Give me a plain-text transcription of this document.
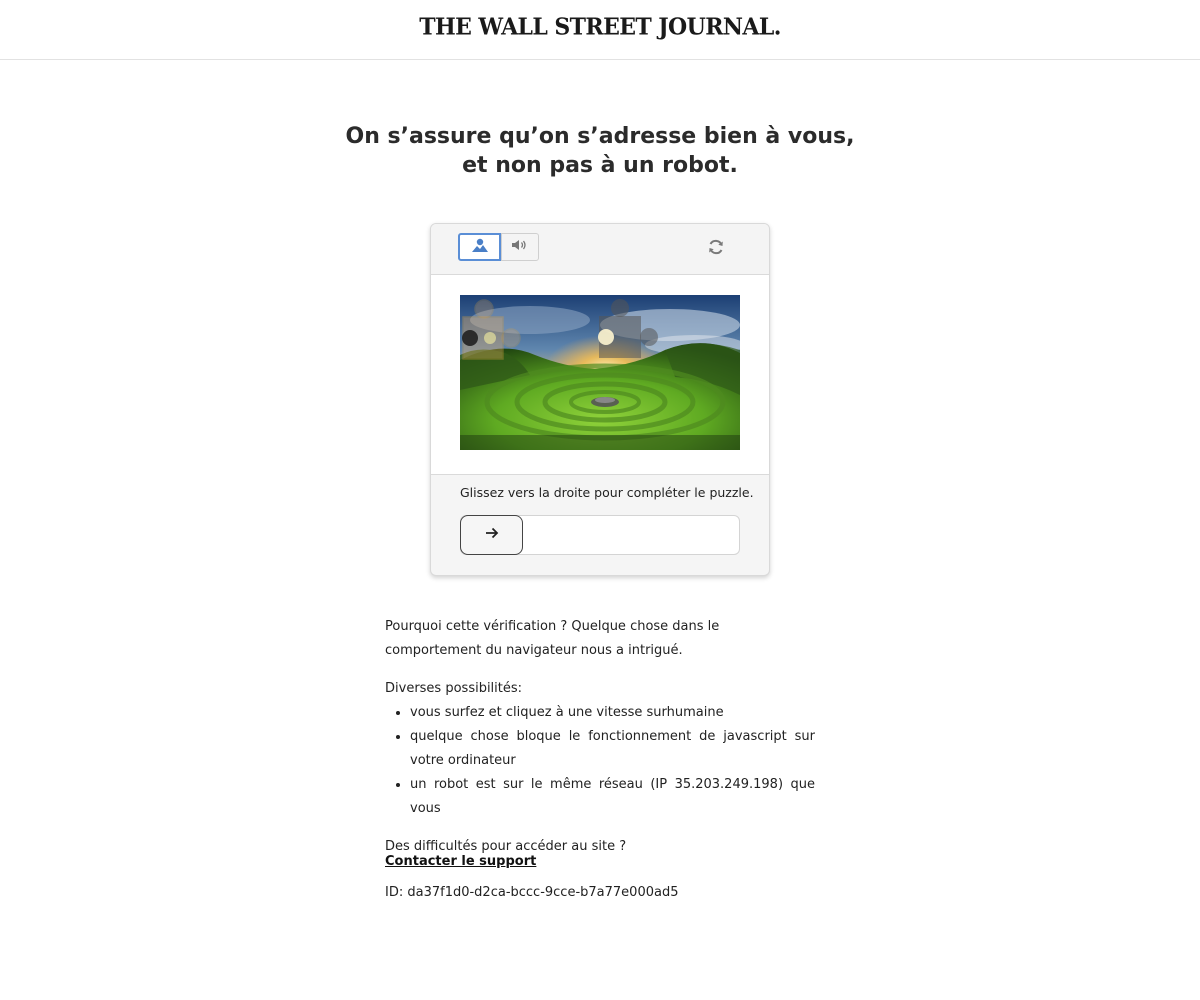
THE WALL STREET JOURNAL.
On s’assure qu’on s’adresse bien à vous,
et non pas à un robot.
Glissez vers la droite pour compléter le puzzle.

Pourquoi cette vérification ? Quelque chose dans le comportement du navigateur nous a intrigué.

Diverses possibilités:

• vous surfez et cliquez à une vitesse surhumaine
• quelque chose bloque le fonctionnement de javascript sur votre ordinateur
• un robot est sur le même réseau (IP 35.203.249.198) que vous

Des difficultés pour accéder au site ?

Contacter le support

ID: da37f1d0-d2ca-bccc-9cce-b7a77e000ad5
